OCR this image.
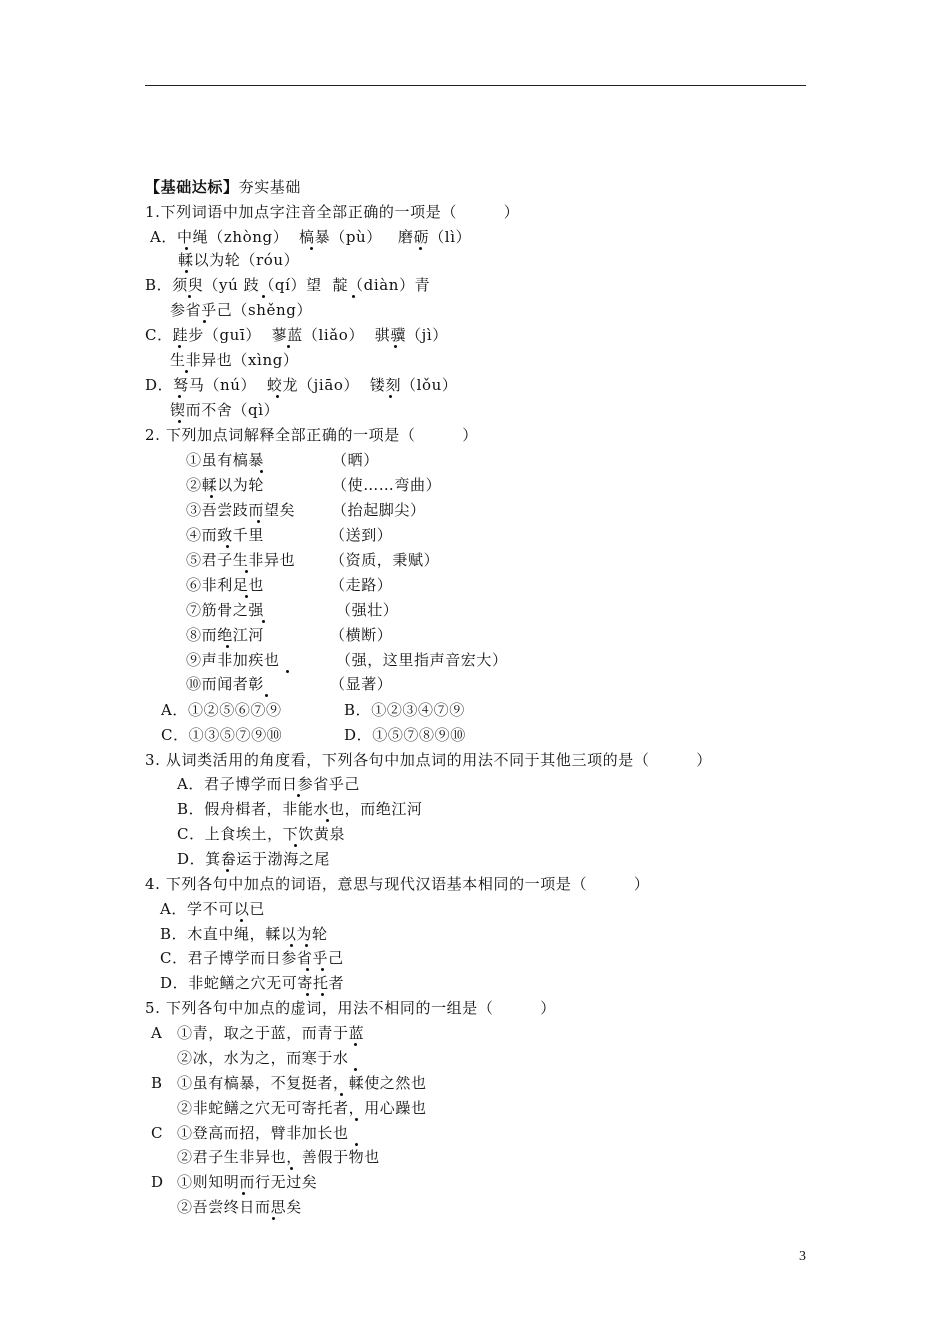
【基础达标】夯实基础
1.下列词语中加点字注音全部正确的一项是（　　　）
A．中绳（zhòng）  槁暴（pù）   磨砺（lì）
輮以为轮（róu）
B．须臾（yú 跂（qí）望  靛（diàn）青
参省乎己（shěng）
C．跬步（guī）  蓼蓝（liǎo）  骐骥（jì）
生非异也（xìng）
D．驽马（nú）  蛟龙（jiāo）  镂刻（lǒu）
锲而不舍（qì）
2. 下列加点词解释全部正确的一项是（　　　）
①虽有槁暴	（晒）
②輮以为轮	（使……弯曲）
③吾尝跂而望矣 （抬起脚尖）
④而致千里	（送到）
⑤君子生非异也 （资质，秉赋）
⑥非利足也	（走路）
⑦筋骨之强	（强壮）
⑧而绝江河	（横断）
⑨声非加疾也	（强，这里指声音宏大）
⑩而闻者彰	（显著）
A．①②⑤⑥⑦⑨	B．①②③④⑦⑨
C．①③⑤⑦⑨⑩	D．①⑤⑦⑧⑨⑩
3. 从词类活用的角度看，下列各句中加点词的用法不同于其他三项的是（　　　）
A．君子博学而日参省乎己
B．假舟楫者，非能水也，而绝江河
C．上食埃土，下饮黄泉
D．箕畚运于渤海之尾
4. 下列各句中加点的词语，意思与现代汉语基本相同的一项是（　　　）
A．学不可以已
B．木直中绳，輮以为轮
C．君子博学而日参省乎己
D．非蛇鳝之穴无可寄托者
5. 下列各句中加点的虚词，用法不相同的一组是（　　　）
A ①青，取之于蓝，而青于蓝
②冰，水为之，而寒于水
B ①虽有槁暴，不复挺者，輮使之然也
②非蛇鳝之穴无可寄托者，用心躁也
C ①登高而招，臂非加长也
②君子生非异也，善假于物也
D ①则知明而行无过矣
②吾尝终日而思矣
3
